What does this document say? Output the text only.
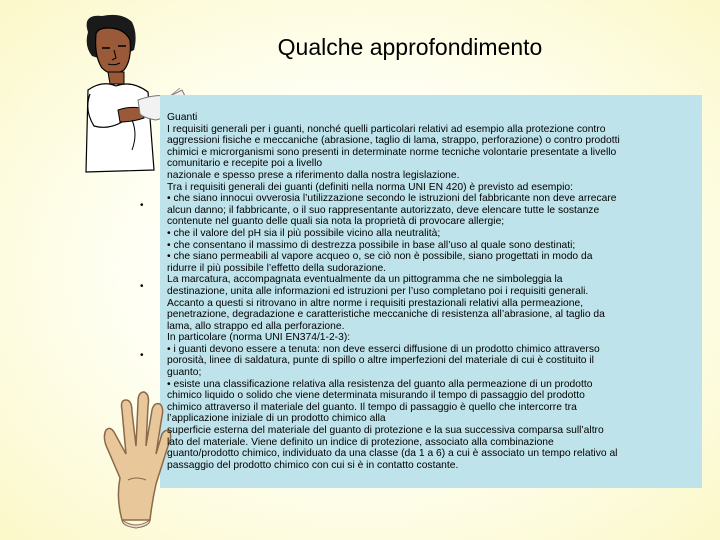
Qualche approfondimento
•
•
•
Guanti
I requisiti generali per i guanti, nonché quelli particolari relativi ad esempio alla protezione contro
aggressioni fisiche e meccaniche (abrasione, taglio di lama, strappo, perforazione) o contro prodotti
chimici e microrganismi sono presenti in determinate norme tecniche volontarie presentate a livello
comunitario e recepite poi a livello
nazionale e spesso prese a riferimento dalla nostra legislazione.
Tra i requisiti generali dei guanti (definiti nella norma UNI EN 420) è previsto ad esempio:
• che siano innocui ovverosia l’utilizzazione secondo le istruzioni del fabbricante non deve arrecare
alcun danno; il fabbricante, o il suo rappresentante autorizzato, deve elencare tutte le sostanze
contenute nel guanto delle quali sia nota la proprietà di provocare allergie;
• che il valore del pH sia il più possibile vicino alla neutralità;
• che consentano il massimo di destrezza possibile in base all’uso al quale sono destinati;
• che siano permeabili al vapore acqueo o, se ciò non è possibile, siano progettati in modo da
ridurre il più possibile l’effetto della sudorazione.
La marcatura, accompagnata eventualmente da un pittogramma che ne simboleggia la
destinazione, unita alle informazioni ed istruzioni per l’uso completano poi i requisiti generali.
Accanto a questi si ritrovano in altre norme i requisiti prestazionali relativi alla permeazione,
penetrazione, degradazione e caratteristiche meccaniche di resistenza all’abrasione, al taglio da
lama, allo strappo ed alla perforazione.
In particolare (norma UNI EN374/1-2-3):
• i guanti devono essere a tenuta: non deve esserci diffusione di un prodotto chimico attraverso
porosità, linee di saldatura, punte di spillo o altre imperfezioni del materiale di cui è costituito il
guanto;
• esiste una classificazione relativa alla resistenza del guanto alla permeazione di un prodotto
chimico liquido o solido che viene determinata misurando il tempo di passaggio del prodotto
chimico attraverso il materiale del guanto. Il tempo di passaggio è quello che intercorre tra
l’applicazione iniziale di un prodotto chimico alla
superficie esterna del materiale del guanto di protezione e la sua successiva comparsa sull’altro
lato del materiale. Viene definito un indice di protezione, associato alla combinazione
guanto/prodotto chimico, individuato da una classe (da 1 a 6) a cui è associato un tempo relativo al
passaggio del prodotto chimico con cui si è in contatto costante.
